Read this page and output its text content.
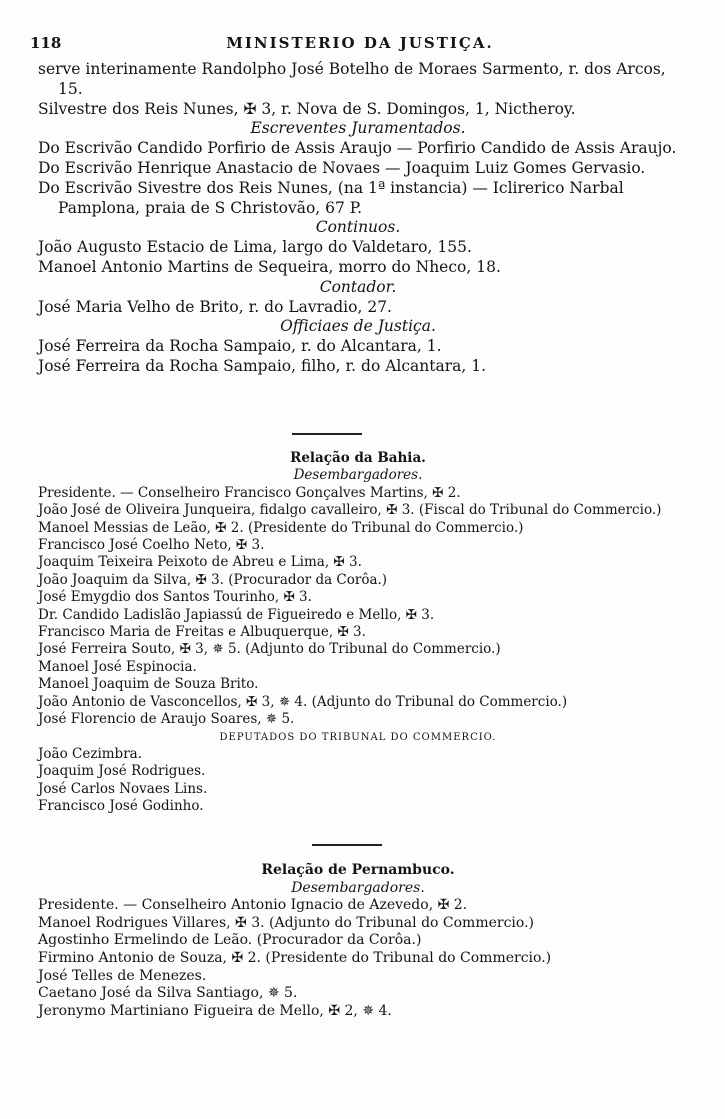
118	MINISTERIO DA JUSTIÇA.

serve interinamente Randolpho José Botelho de Moraes Sarmento, r. dos Arcos, 15.

Silvestre dos Reis Nunes, ✠ 3, r. Nova de S. Domingos, 1, Nictheroy.

Escreventes Juramentados.

Do Escrivão Candido Porfirio de Assis Araujo — Porfirio Candido de Assis Araujo.

Do Escrivão Henrique Anastacio de Novaes — Joaquim Luiz Gomes Gervasio.

Do Escrivão Sivestre dos Reis Nunes, (na 1ª instancia) — Iclirerico Narbal Pamplona, praia de S Christovão, 67 P.

Continuos.

João Augusto Estacio de Lima, largo do Valdetaro, 155.

Manoel Antonio Martins de Sequeira, morro do Nheco, 18.

Contador.

José Maria Velho de Brito, r. do Lavradio, 27.

Officiaes de Justiça.

José Ferreira da Rocha Sampaio, r. do Alcantara, 1.

José Ferreira da Rocha Sampaio, filho, r. do Alcantara, 1.

Relação da Bahia.

Desembargadores.

Presidente. — Conselheiro Francisco Gonçalves Martins, ✠ 2.

João José de Oliveira Junqueira, fidalgo cavalleiro, ✠ 3. (Fiscal do Tribunal do Commercio.)

Manoel Messias de Leão, ✠ 2. (Presidente do Tribunal do Commercio.)

Francisco José Coelho Neto, ✠ 3.

Joaquim Teixeira Peixoto de Abreu e Lima, ✠ 3.

João Joaquim da Silva, ✠ 3. (Procurador da Corôa.)

José Emygdio dos Santos Tourinho, ✠ 3.

Dr. Candido Ladislão Japiassú de Figueiredo e Mello, ✠ 3.

Francisco Maria de Freitas e Albuquerque, ✠ 3.

José Ferreira Souto, ✠ 3, ✵ 5. (Adjunto do Tribunal do Commercio.)

Manoel José Espinocia.

Manoel Joaquim de Souza Brito.

João Antonio de Vasconcellos, ✠ 3, ✵ 4. (Adjunto do Tribunal do Commercio.)

José Florencio de Araujo Soares, ✵ 5.

DEPUTADOS DO TRIBUNAL DO COMMERCIO.

João Cezimbra.

Joaquim José Rodrigues.

José Carlos Novaes Lins.

Francisco José Godinho.

Relação de Pernambuco.

Desembargadores.

Presidente. — Conselheiro Antonio Ignacio de Azevedo, ✠ 2.

Manoel Rodrigues Villares, ✠ 3. (Adjunto do Tribunal do Commercio.)

Agostinho Ermelindo de Leão. (Procurador da Corôa.)

Firmino Antonio de Souza, ✠ 2. (Presidente do Tribunal do Commercio.)

José Telles de Menezes.

Caetano José da Silva Santiago, ✵ 5.

Jeronymo Martiniano Figueira de Mello, ✠ 2, ✵ 4.
